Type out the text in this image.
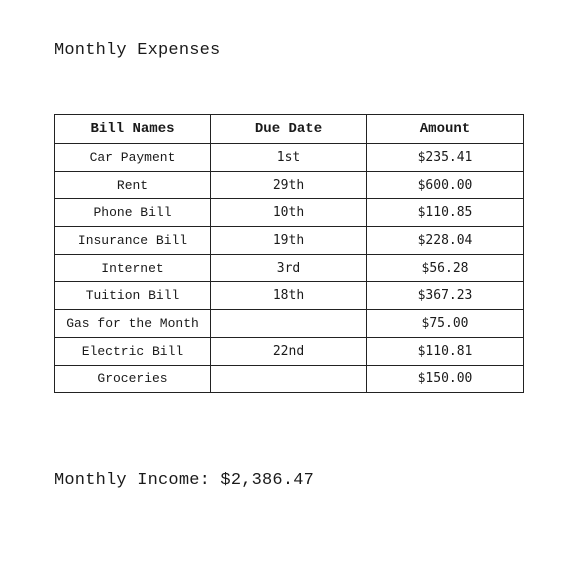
Monthly Expenses
Bill Names	Due Date	Amount
Car Payment	1st	$235.41
Rent	29th	$600.00
Phone Bill	10th	$110.85
Insurance Bill	19th	$228.04
Internet	3rd	$56.28
Tuition Bill	18th	$367.23
Gas for the Month		$75.00
Electric Bill	22nd	$110.81
Groceries		$150.00
Monthly Income: $2,386.47
